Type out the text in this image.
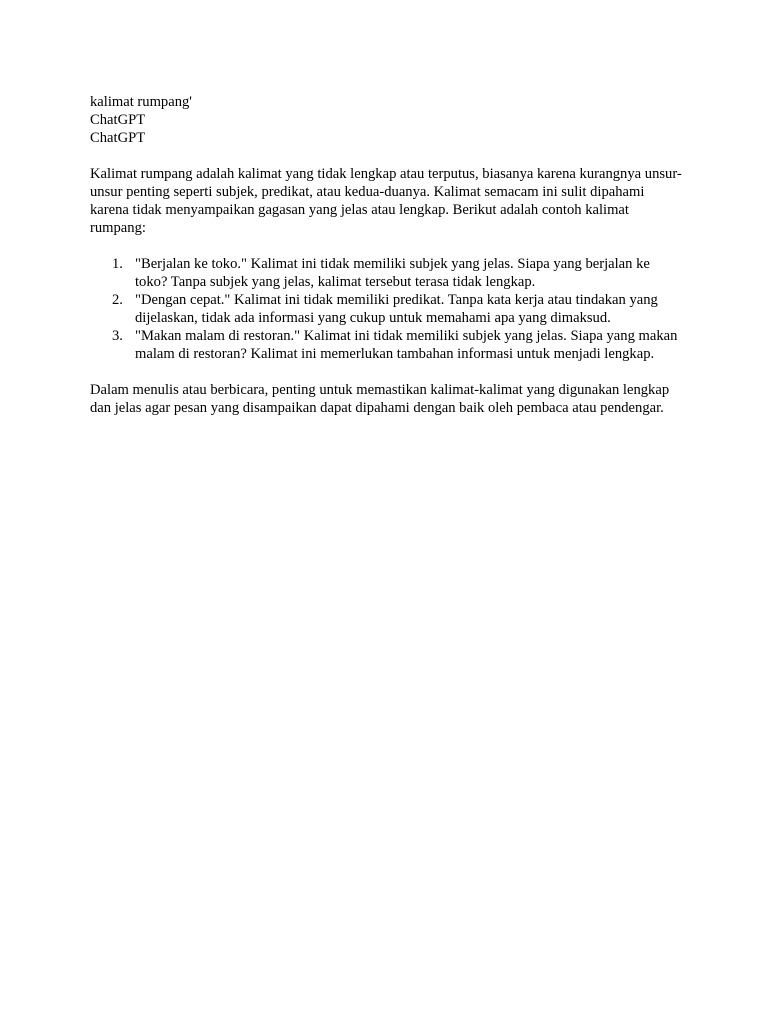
kalimat rumpang'
ChatGPT
ChatGPT

Kalimat rumpang adalah kalimat yang tidak lengkap atau terputus, biasanya karena kurangnya unsur-unsur penting seperti subjek, predikat, atau kedua-duanya. Kalimat semacam ini sulit dipahami karena tidak menyampaikan gagasan yang jelas atau lengkap. Berikut adalah contoh kalimat rumpang:

1. "Berjalan ke toko." Kalimat ini tidak memiliki subjek yang jelas. Siapa yang berjalan ke toko? Tanpa subjek yang jelas, kalimat tersebut terasa tidak lengkap.
2. "Dengan cepat." Kalimat ini tidak memiliki predikat. Tanpa kata kerja atau tindakan yang dijelaskan, tidak ada informasi yang cukup untuk memahami apa yang dimaksud.
3. "Makan malam di restoran." Kalimat ini tidak memiliki subjek yang jelas. Siapa yang makan malam di restoran? Kalimat ini memerlukan tambahan informasi untuk menjadi lengkap.

Dalam menulis atau berbicara, penting untuk memastikan kalimat-kalimat yang digunakan lengkap dan jelas agar pesan yang disampaikan dapat dipahami dengan baik oleh pembaca atau pendengar.
